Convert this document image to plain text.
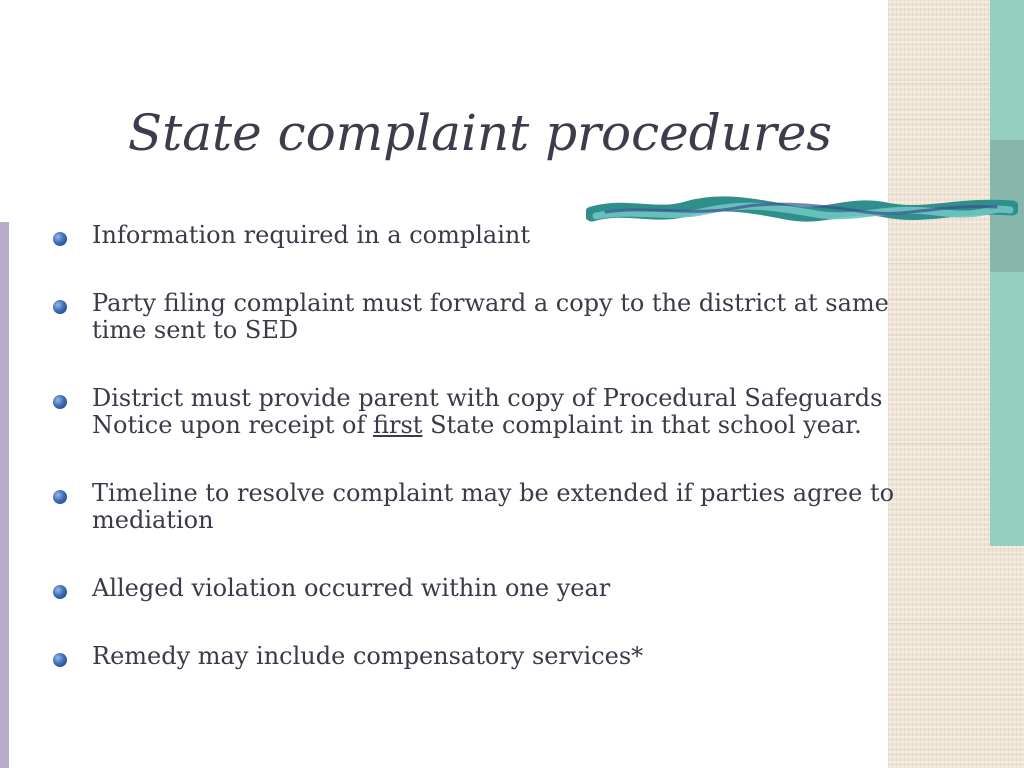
State complaint procedures
Information required in a complaint
Party filing complaint must forward a copy to the district at same time sent to SED
District must provide parent with copy of Procedural Safeguards Notice upon receipt of first State complaint in that school year.
Timeline to resolve complaint may be extended if parties agree to mediation
Alleged violation occurred within one year
Remedy may include compensatory services*
